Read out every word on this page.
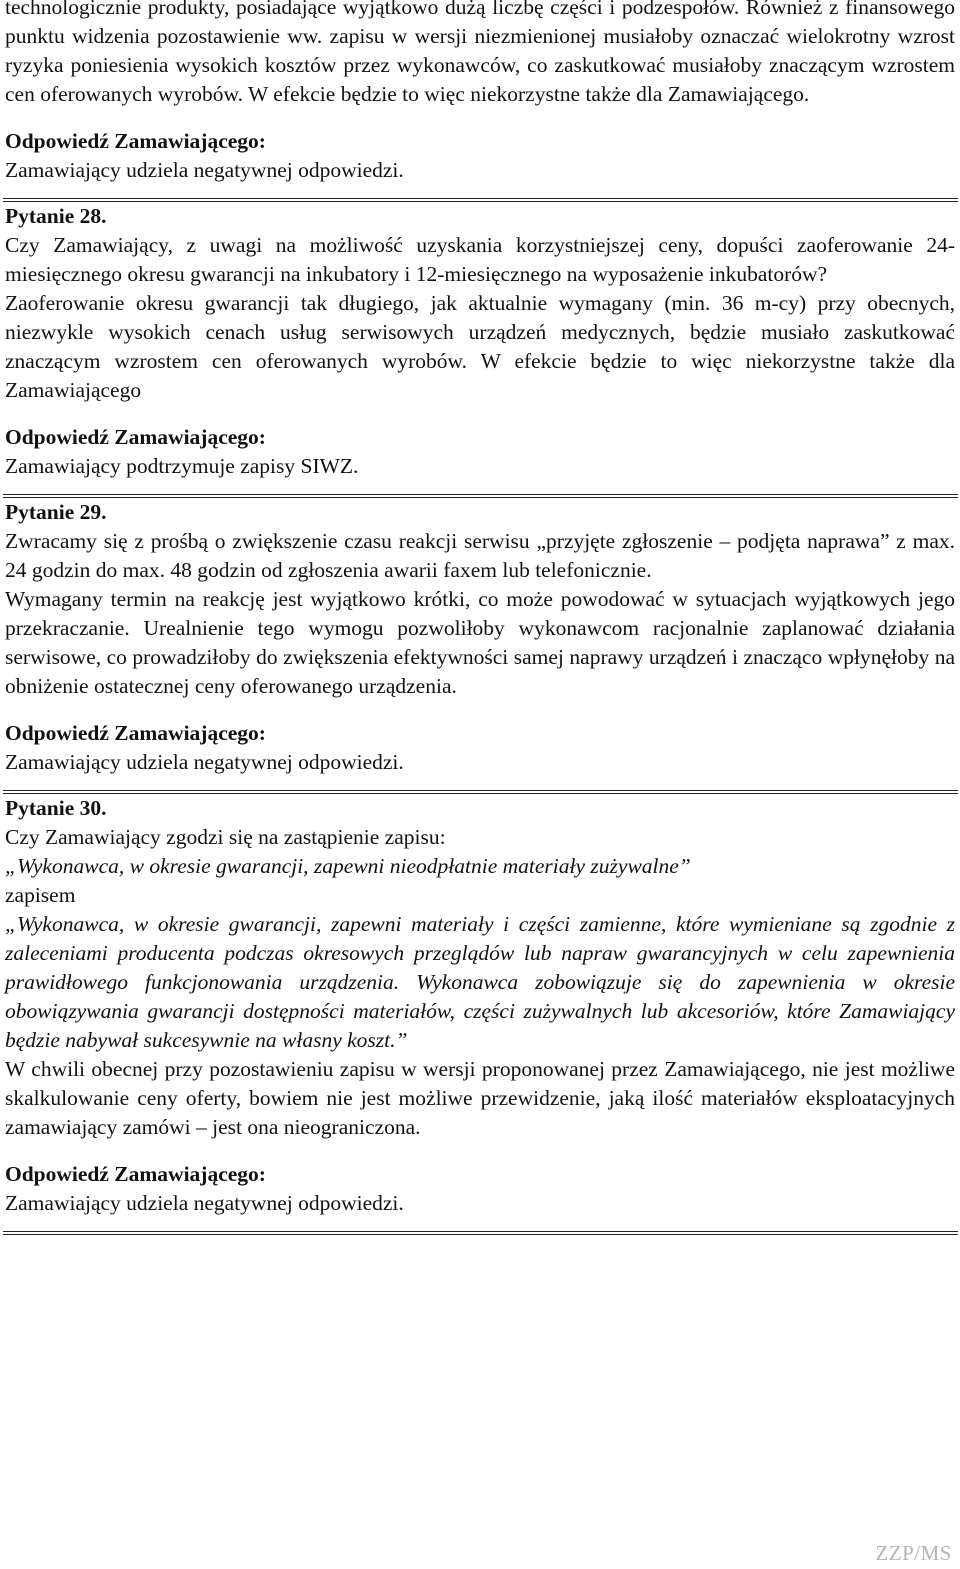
technologicznie produkty, posiadające wyjątkowo dużą liczbę części i podzespołów. Również z finansowego punktu widzenia pozostawienie ww. zapisu w wersji niezmienionej musiałoby oznaczać wielokrotny wzrost ryzyka poniesienia wysokich kosztów przez wykonawców, co zaskutkować musiałoby znaczącym wzrostem cen oferowanych wyrobów. W efekcie będzie to więc niekorzystne także dla Zamawiającego.

Odpowiedź Zamawiającego:

Zamawiający udziela negatywnej odpowiedzi.

Pytanie 28.

Czy Zamawiający, z uwagi na możliwość uzyskania korzystniejszej ceny, dopuści zaoferowanie 24-miesięcznego okresu gwarancji na inkubatory i 12-miesięcznego na wyposażenie inkubatorów?

Zaoferowanie okresu gwarancji tak długiego, jak aktualnie wymagany (min. 36 m-cy) przy obecnych, niezwykle wysokich cenach usług serwisowych urządzeń medycznych, będzie musiało zaskutkować znaczącym wzrostem cen oferowanych wyrobów. W efekcie będzie to więc niekorzystne także dla Zamawiającego

Odpowiedź Zamawiającego:

Zamawiający podtrzymuje zapisy SIWZ.

Pytanie 29.

Zwracamy się z prośbą o zwiększenie czasu reakcji serwisu „przyjęte zgłoszenie – podjęta naprawa” z max. 24 godzin do max. 48 godzin od zgłoszenia awarii faxem lub telefonicznie.

Wymagany termin na reakcję jest wyjątkowo krótki, co może powodować w sytuacjach wyjątkowych jego przekraczanie. Urealnienie tego wymogu pozwoliłoby wykonawcom racjonalnie zaplanować działania serwisowe, co prowadziłoby do zwiększenia efektywności samej naprawy urządzeń i znacząco wpłynęłoby na obniżenie ostatecznej ceny oferowanego urządzenia.

Odpowiedź Zamawiającego:

Zamawiający udziela negatywnej odpowiedzi.

Pytanie 30.

Czy Zamawiający zgodzi się na zastąpienie zapisu:

„Wykonawca, w okresie gwarancji, zapewni nieodpłatnie materiały zużywalne”

zapisem

„Wykonawca, w okresie gwarancji, zapewni materiały i części zamienne, które wymieniane są zgodnie z zaleceniami producenta podczas okresowych przeglądów lub napraw gwarancyjnych w celu zapewnienia prawidłowego funkcjonowania urządzenia. Wykonawca zobowiązuje się do zapewnienia w okresie obowiązywania gwarancji dostępności materiałów, części zużywalnych lub akcesoriów, które Zamawiający będzie nabywał sukcesywnie na własny koszt.”

W chwili obecnej przy pozostawieniu zapisu w wersji proponowanej przez Zamawiającego, nie jest możliwe skalkulowanie ceny oferty, bowiem nie jest możliwe przewidzenie, jaką ilość materiałów eksploatacyjnych zamawiający zamówi – jest ona nieograniczona.

Odpowiedź Zamawiającego:

Zamawiający udziela negatywnej odpowiedzi.

ZZP/MS
